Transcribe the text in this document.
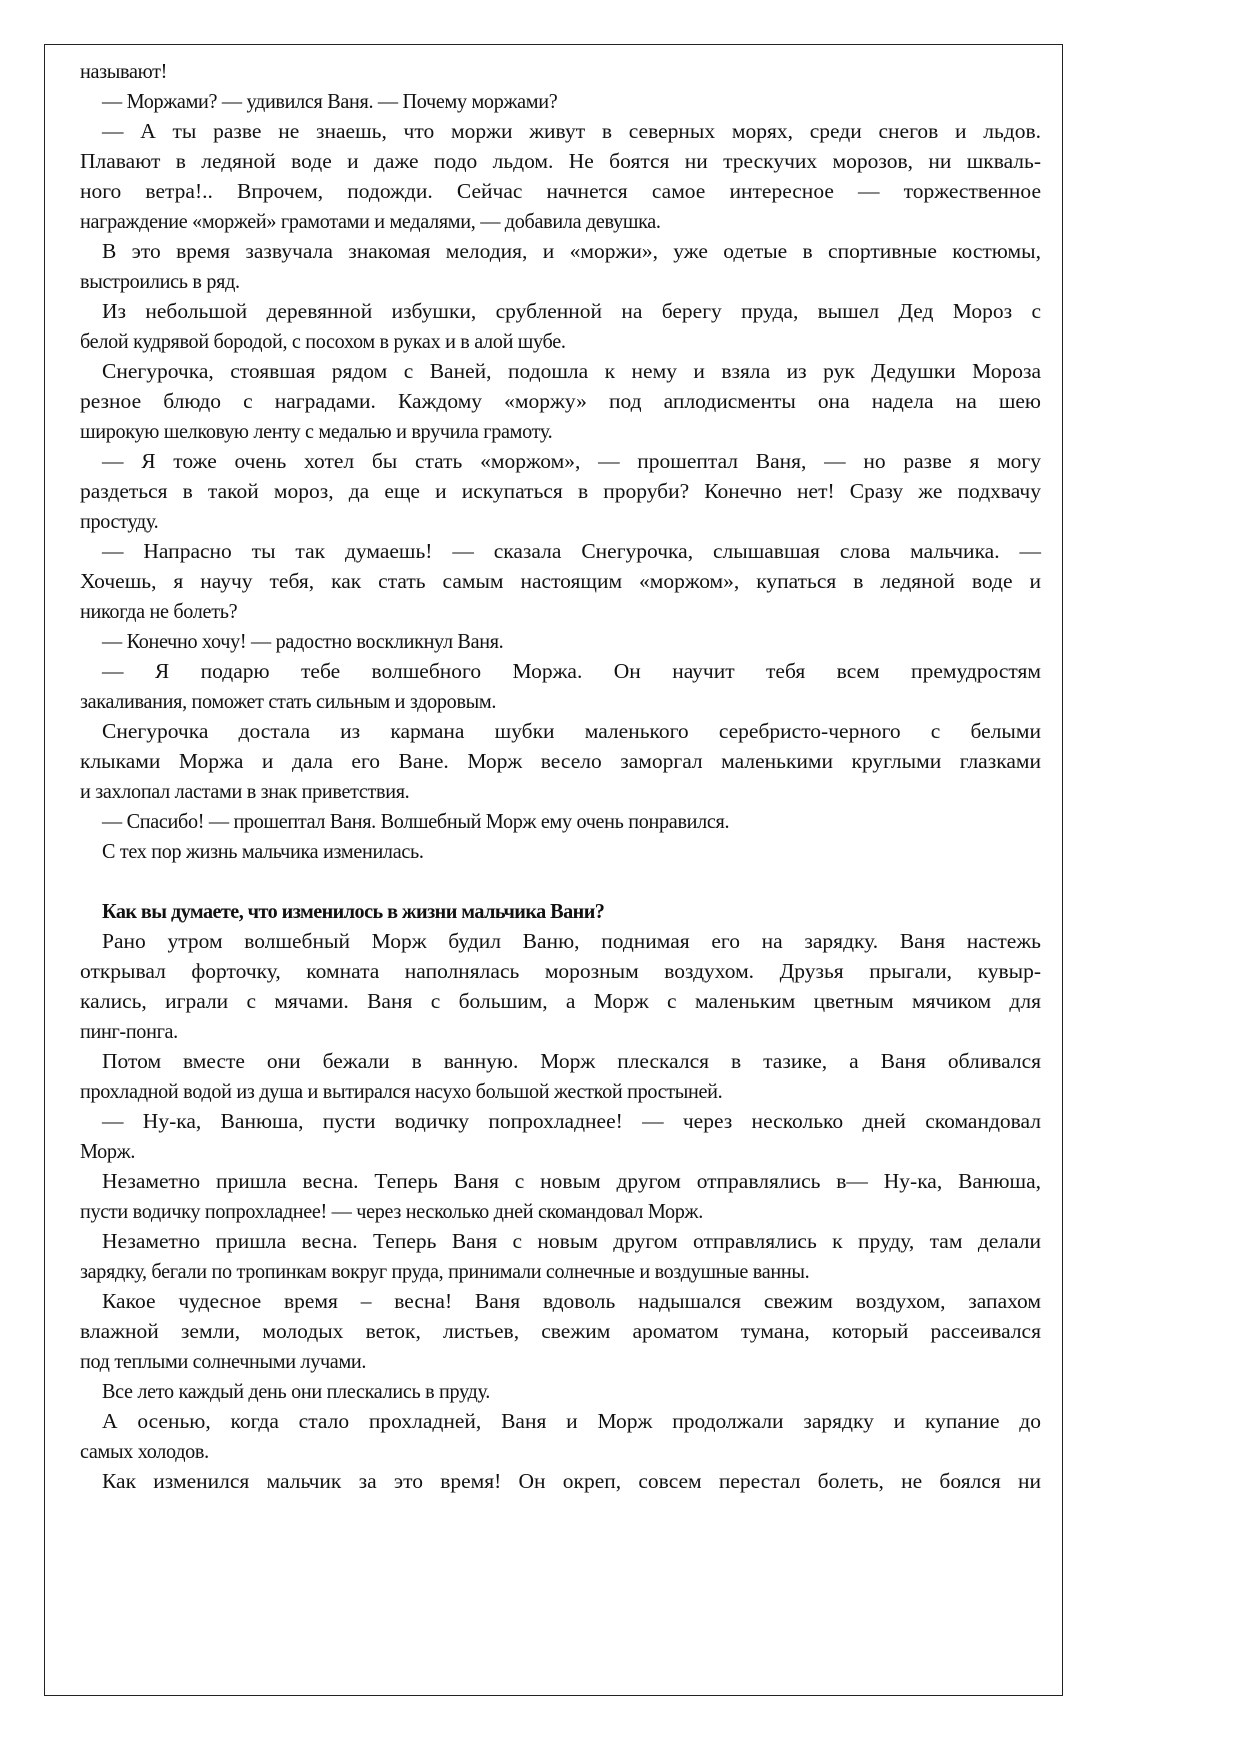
называют!
— Моржами? — удивился Ваня. — Почему моржами?
— А ты разве не знаешь, что моржи живут в северных морях, среди снегов и льдов.
Плавают в ледяной воде и даже подо льдом. Не боятся ни трескучих морозов, ни шкваль-
ного ветра!.. Впрочем, подожди. Сейчас начнется самое интересное — торжественное
награждение «моржей» грамотами и медалями, — добавила девушка.
В это время зазвучала знакомая мелодия, и «моржи», уже одетые в спортивные костюмы,
выстроились в ряд.
Из небольшой деревянной избушки, срубленной на берегу пруда, вышел Дед Мороз с
белой кудрявой бородой, с посохом в руках и в алой шубе.
Снегурочка, стоявшая рядом с Ваней, подошла к нему и взяла из рук Дедушки Мороза
резное блюдо с наградами. Каждому «моржу» под аплодисменты она надела на шею
широкую шелковую ленту с медалью и вручила грамоту.
— Я тоже очень хотел бы стать «моржом», — прошептал Ваня, — но разве я могу
раздеться в такой мороз, да еще и искупаться в проруби? Конечно нет! Сразу же подхвачу
простуду.
— Напрасно ты так думаешь! — сказала Снегурочка, слышавшая слова мальчика. —
Хочешь, я научу тебя, как стать самым настоящим «моржом», купаться в ледяной воде и
никогда не болеть?
— Конечно хочу! — радостно воскликнул Ваня.
— Я подарю тебе волшебного Моржа. Он научит тебя всем премудростям
закаливания, поможет стать сильным и здоровым.
Снегурочка достала из кармана шубки маленького серебристо-черного с белыми
клыками Моржа и дала его Ване. Морж весело заморгал маленькими круглыми глазками
и захлопал ластами в знак приветствия.
— Спасибо! — прошептал Ваня. Волшебный Морж ему очень понравился.
С тех пор жизнь мальчика изменилась.
Как вы думаете, что изменилось в жизни мальчика Вани?
Рано утром волшебный Морж будил Ваню, поднимая его на зарядку. Ваня настежь
открывал форточку, комната наполнялась морозным воздухом. Друзья прыгали, кувыр-
кались, играли с мячами. Ваня с большим, а Морж с маленьким цветным мячиком для
пинг-понга.
Потом вместе они бежали в ванную. Морж плескался в тазике, а Ваня обливался
прохладной водой из душа и вытирался насухо большой жесткой простыней.
— Ну-ка, Ванюша, пусти водичку попрохладнее! — через несколько дней скомандовал
Морж.
Незаметно пришла весна. Теперь Ваня с новым другом отправлялись в— Ну-ка, Ванюша,
пусти водичку попрохладнее! — через несколько дней скомандовал Морж.
Незаметно пришла весна. Теперь Ваня с новым другом отправлялись к пруду, там делали
зарядку, бегали по тропинкам вокруг пруда, принимали солнечные и воздушные ванны.
Какое чудесное время – весна! Ваня вдоволь надышался свежим воздухом, запахом
влажной земли, молодых веток, листьев, свежим ароматом тумана, который рассеивался
под теплыми солнечными лучами.
Все лето каждый день они плескались в пруду.
А осенью, когда стало прохладней, Ваня и Морж продолжали зарядку и купание до
самых холодов.
Как изменился мальчик за это время! Он окреп, совсем перестал болеть, не боялся ни
